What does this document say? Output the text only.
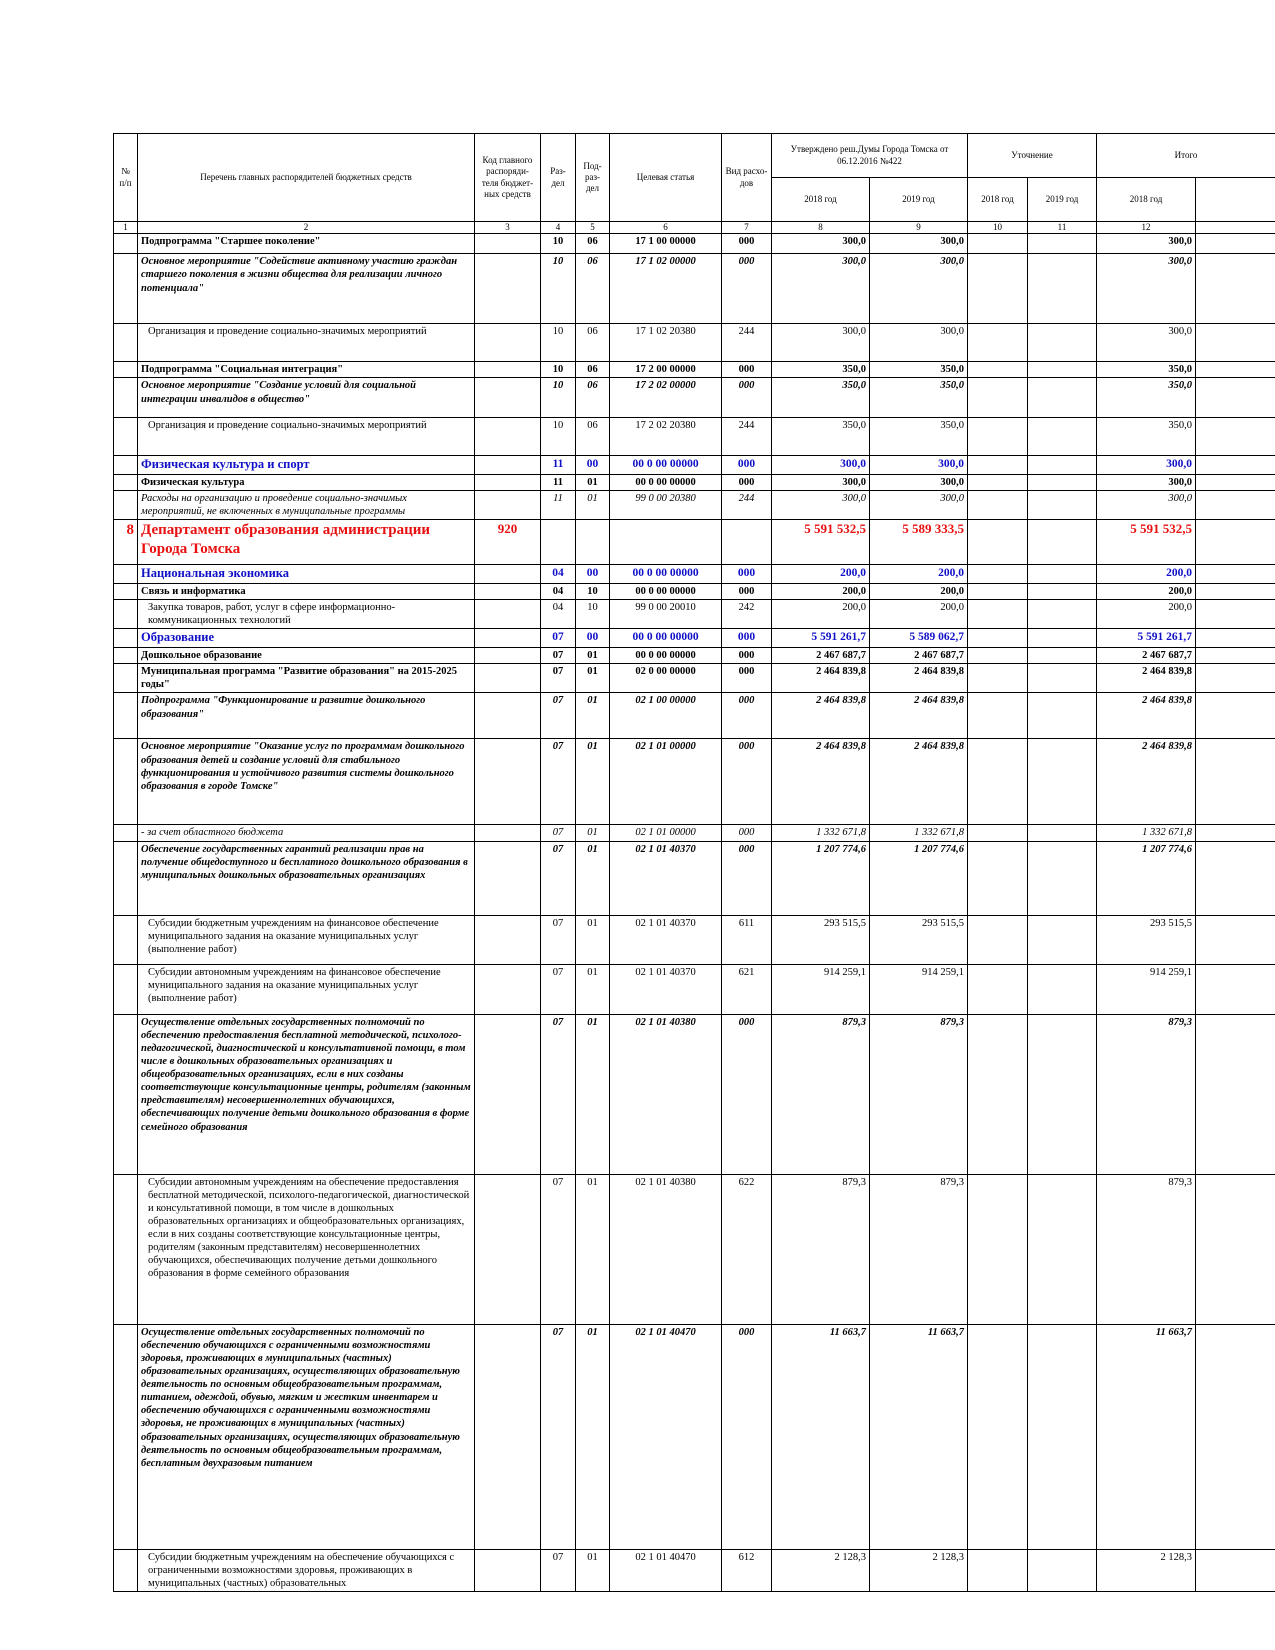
№ п/п	Перечень главных распорядителей бюджетных средств	Код главного распоряди-теля бюджет-ных средств	Раз-дел	Под-раз-дел	Целевая статья	Вид расхо-дов	Утверждено реш.Думы Города Томска от 06.12.2016 №422		Уточнение		Итого	
							2018 год	2019 год	2018 год	2019 год	2018 год	
1	2	3	4	5	6	7	8	9	10	11	12	
	Подпрограмма "Старшее поколение"		10	06	17 1 00 00000	000	300,0	300,0			300,0	
	Основное мероприятие "Содействие активному участию граждан старшего поколения в жизни общества для реализации личного потенциала"		10	06	17 1 02 00000	000	300,0	300,0			300,0	
	Организация и проведение социально-значимых мероприятий		10	06	17 1 02 20380	244	300,0	300,0			300,0	
	Подпрограмма "Социальная интеграция"		10	06	17 2 00 00000	000	350,0	350,0			350,0	
	Основное мероприятие "Создание условий для социальной интеграции инвалидов в общество"		10	06	17 2 02 00000	000	350,0	350,0			350,0	
	Организация и проведение социально-значимых мероприятий		10	06	17 2 02 20380	244	350,0	350,0			350,0	
	Физическая культура и спорт		11	00	00 0 00 00000	000	300,0	300,0			300,0	
	Физическая культура		11	01	00 0 00 00000	000	300,0	300,0			300,0	
	Расходы на организацию и проведение социально-значимых мероприятий, не включенных в муниципальные программы		11	01	99 0 00 20380	244	300,0	300,0			300,0	
8	Департамент образования администрации Города Томска	920					5 591 532,5	5 589 333,5			5 591 532,5	
	Национальная экономика		04	00	00 0 00 00000	000	200,0	200,0			200,0	
	Связь и информатика		04	10	00 0 00 00000	000	200,0	200,0			200,0	
	Закупка товаров, работ, услуг в сфере информационно-коммуникационных технологий		04	10	99 0 00 20010	242	200,0	200,0			200,0	
	Образование		07	00	00 0 00 00000	000	5 591 261,7	5 589 062,7			5 591 261,7	
	Дошкольное образование		07	01	00 0 00 00000	000	2 467 687,7	2 467 687,7			2 467 687,7	
	Муниципальная программа "Развитие образования" на 2015-2025 годы"		07	01	02 0 00 00000	000	2 464 839,8	2 464 839,8			2 464 839,8	
	Подпрограмма "Функционирование и развитие дошкольного образования"		07	01	02 1 00 00000	000	2 464 839,8	2 464 839,8			2 464 839,8	
	Основное мероприятие "Оказание услуг по программам дошкольного образования детей и создание условий для стабильного функционирования и устойчивого развития системы дошкольного образования в городе Томске"		07	01	02 1 01 00000	000	2 464 839,8	2 464 839,8			2 464 839,8	
	- за счет областного бюджета		07	01	02 1 01 00000	000	1 332 671,8	1 332 671,8			1 332 671,8	
	Обеспечение государственных гарантий реализации прав на получение общедоступного и бесплатного дошкольного образования в муниципальных дошкольных образовательных организациях		07	01	02 1 01 40370	000	1 207 774,6	1 207 774,6			1 207 774,6	
	Субсидии бюджетным учреждениям на финансовое обеспечение муниципального задания на оказание муниципальных услуг (выполнение работ)		07	01	02 1 01 40370	611	293 515,5	293 515,5			293 515,5	
	Субсидии автономным учреждениям на финансовое обеспечение муниципального задания на оказание муниципальных услуг (выполнение работ)		07	01	02 1 01 40370	621	914 259,1	914 259,1			914 259,1	
	Осуществление отдельных государственных полномочий по обеспечению предоставления бесплатной методической, психолого-педагогической, диагностической и консультативной помощи, в том числе в дошкольных образовательных организациях и общеобразовательных организациях, если в них созданы соответствующие консультационные центры, родителям (законным представителям) несовершеннолетних обучающихся, обеспечивающих получение детьми дошкольного образования в форме семейного образования		07	01	02 1 01 40380	000	879,3	879,3			879,3	
	Субсидии автономным учреждениям на обеспечение предоставления бесплатной методической, психолого-педагогической, диагностической и консультативной помощи, в том числе в дошкольных образовательных организациях и общеобразовательных организациях, если в них созданы соответствующие консультационные центры, родителям (законным представителям) несовершеннолетних обучающихся, обеспечивающих получение детьми дошкольного образования в форме семейного образования		07	01	02 1 01 40380	622	879,3	879,3			879,3	
	Осуществление отдельных государственных полномочий по обеспечению обучающихся с ограниченными возможностями здоровья, проживающих в муниципальных (частных) образовательных организациях, осуществляющих образовательную деятельность по основным общеобразовательным программам, питанием, одеждой, обувью, мягким и жестким инвентарем и обеспечению обучающихся с ограниченными возможностями здоровья, не проживающих в муниципальных (частных) образовательных организациях, осуществляющих образовательную деятельность по основным общеобразовательным программам, бесплатным двухразовым питанием		07	01	02 1 01 40470	000	11 663,7	11 663,7			11 663,7	
	Субсидии бюджетным учреждениям на обеспечение обучающихся с ограниченными возможностями здоровья, проживающих в муниципальных (частных) образовательных		07	01	02 1 01 40470	612	2 128,3	2 128,3			2 128,3	
